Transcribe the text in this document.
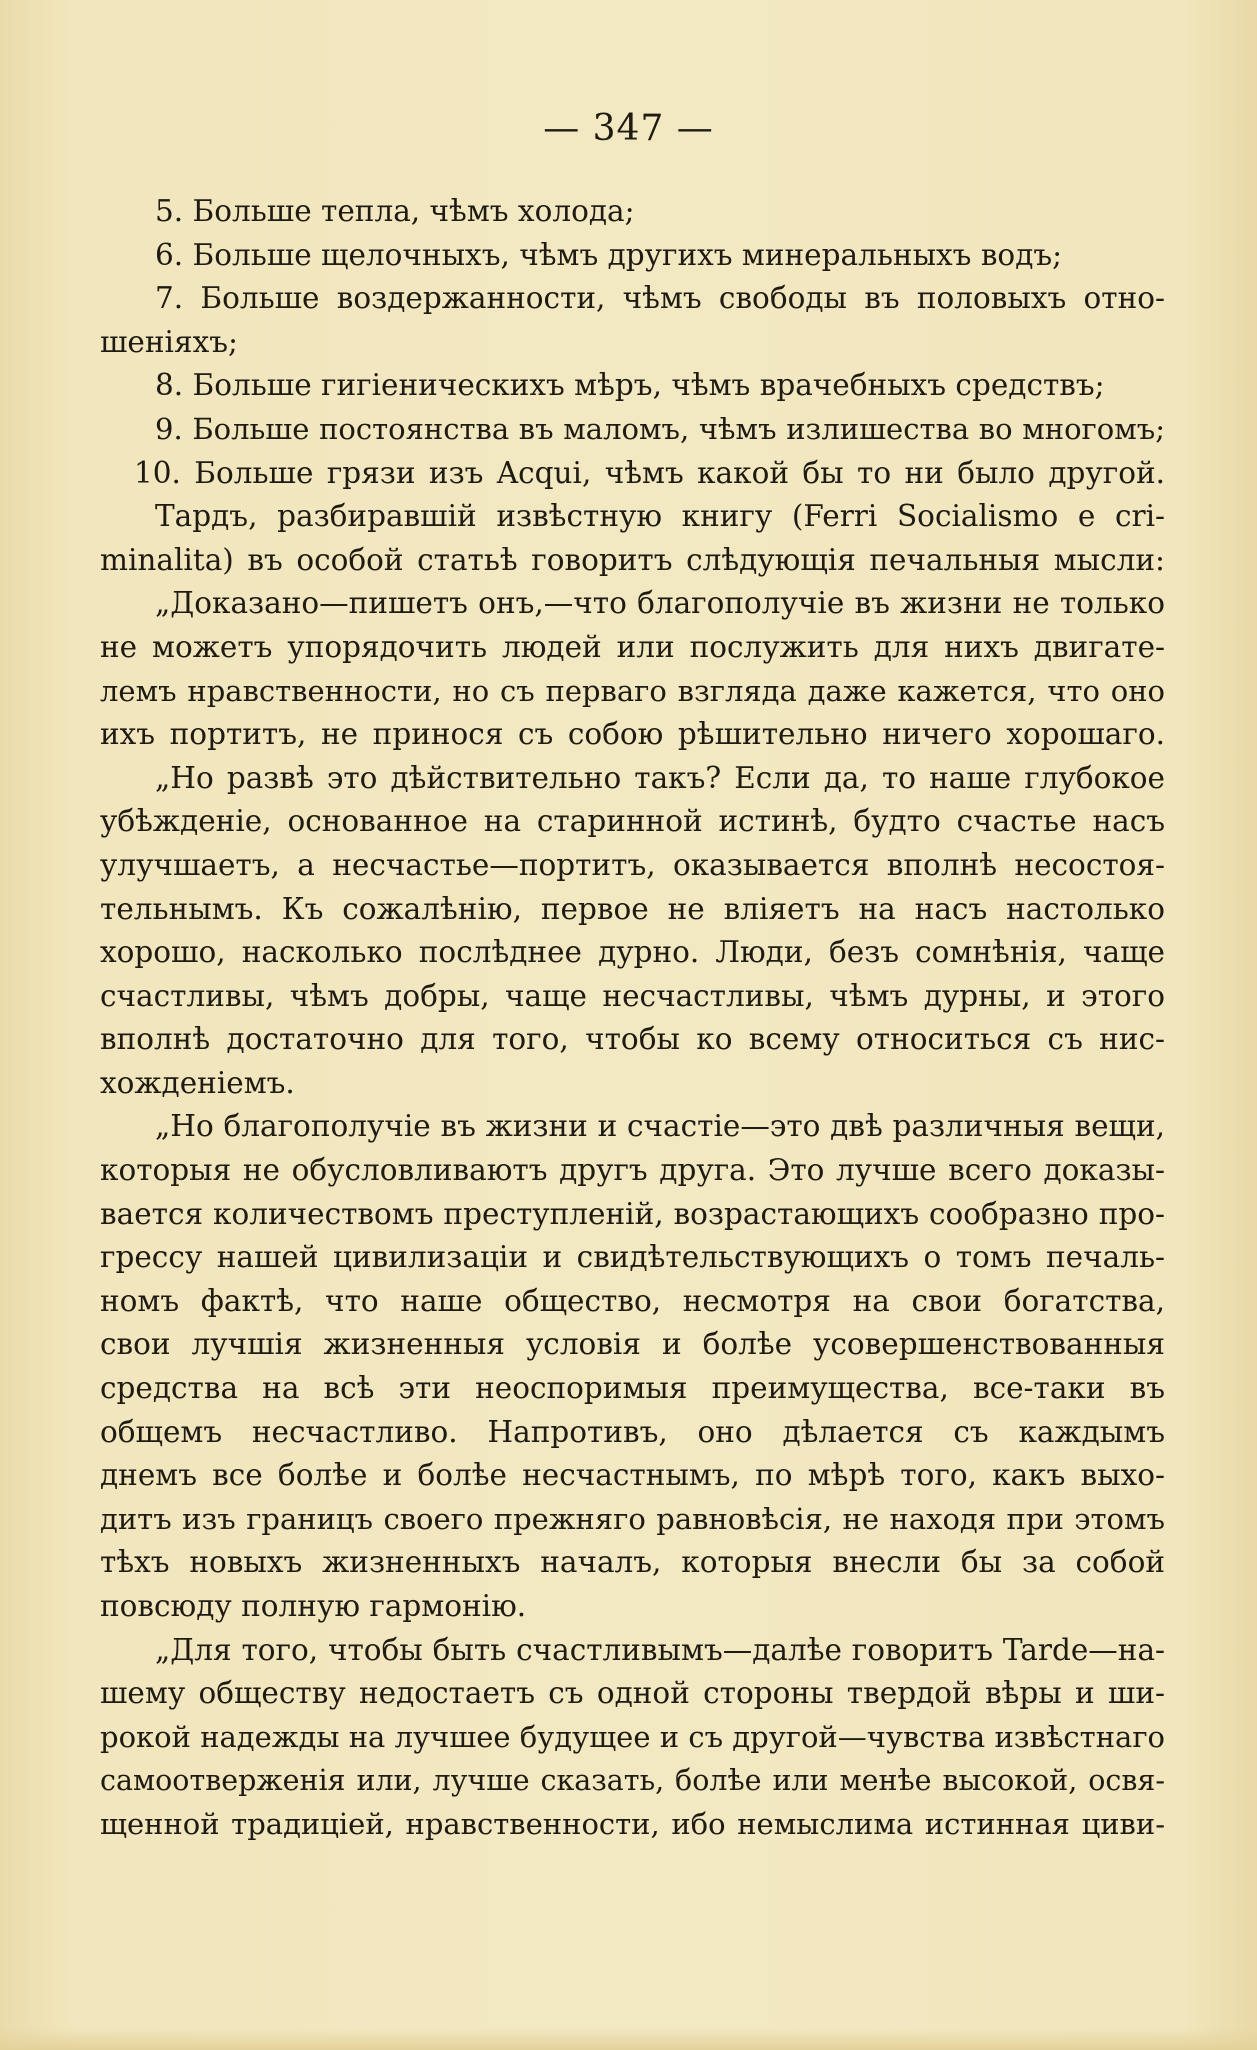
— 347 —
5. Больше тепла, чѣмъ холода;
6. Больше щелочныхъ, чѣмъ другихъ минеральныхъ водъ;
7. Больше воздержанности, чѣмъ свободы въ половыхъ отно-
шеніяхъ;
8. Больше гигіеническихъ мѣръ, чѣмъ врачебныхъ средствъ;
9. Больше постоянства въ маломъ, чѣмъ излишества во многомъ;
10. Больше грязи изъ Acqui, чѣмъ какой бы то ни было другой.
Тардъ, разбиравшій извѣстную книгу (Ferri Socialismo e cri-
minalita) въ особой статьѣ говоритъ слѣдующія печальныя мысли:
„Доказано—пишетъ онъ,—что благополучіе въ жизни не только
не можетъ упорядочить людей или послужить для нихъ двигате-
лемъ нравственности, но съ перваго взгляда даже кажется, что оно
ихъ портитъ, не принося съ собою рѣшительно ничего хорошаго.
„Но развѣ это дѣйствительно такъ? Если да, то наше глубокое
убѣжденіе, основанное на старинной истинѣ, будто счастье насъ
улучшаетъ, а несчастье—портитъ, оказывается вполнѣ несостоя-
тельнымъ. Къ сожалѣнію, первое не вліяетъ на насъ настолько
хорошо, насколько послѣднее дурно. Люди, безъ сомнѣнія, чаще
счастливы, чѣмъ добры, чаще несчастливы, чѣмъ дурны, и этого
вполнѣ достаточно для того, чтобы ко всему относиться съ нис-
хожденіемъ.
„Но благополучіе въ жизни и счастіе—это двѣ различныя вещи,
которыя не обусловливаютъ другъ друга. Это лучше всего доказы-
вается количествомъ преступленій, возрастающихъ сообразно про-
грессу нашей цивилизаціи и свидѣтельствующихъ о томъ печаль-
номъ фактѣ, что наше общество, несмотря на свои богатства,
свои лучшія жизненныя условія и болѣе усовершенствованныя
средства на всѣ эти неоспоримыя преимущества, все-таки въ
общемъ несчастливо. Напротивъ, оно дѣлается съ каждымъ
днемъ все болѣе и болѣе несчастнымъ, по мѣрѣ того, какъ выхо-
дитъ изъ границъ своего прежняго равновѣсія, не находя при этомъ
тѣхъ новыхъ жизненныхъ началъ, которыя внесли бы за собой
повсюду полную гармонію.
„Для того, чтобы быть счастливымъ—далѣе говоритъ Tarde—на-
шему обществу недостаетъ съ одной стороны твердой вѣры и ши-
рокой надежды на лучшее будущее и съ другой—чувства извѣстнаго
самоотверженія или, лучше сказать, болѣе или менѣе высокой, освя-
щенной традиціей, нравственности, ибо немыслима истинная циви-
